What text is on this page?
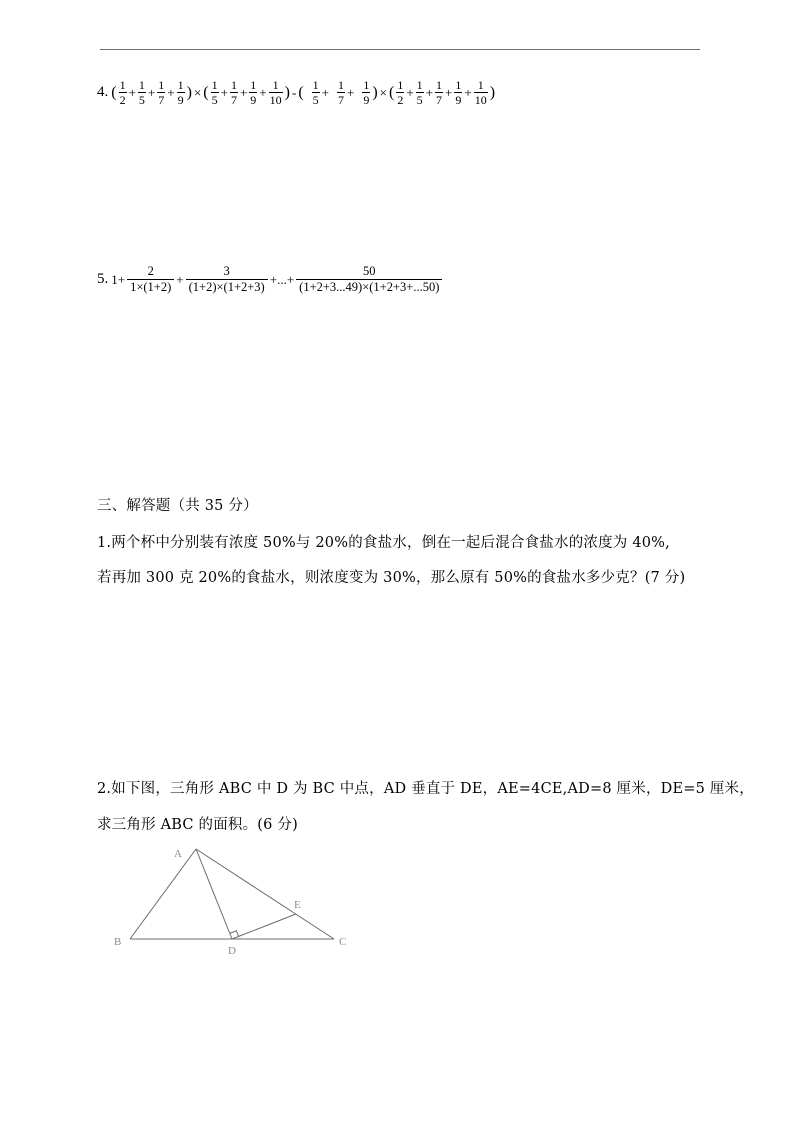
4. ( $\frac{1}{2} + \frac{1}{5} + \frac{1}{7} + \frac{1}{9}$ ) × ( $\frac{1}{5} + \frac{1}{7} + \frac{1}{9} + \frac{1}{10}$ ) - ( $\frac{1}{5} + \frac{1}{7} + \frac{1}{9}$ ) × ( $\frac{1}{2} + \frac{1}{5} + \frac{1}{7} + \frac{1}{9} + \frac{1}{10}$ )
5. $1+ \frac{2}{1\times(1+2)} + \frac{3}{(1+2)\times(1+2+3)}$ +...+ $\frac{50}{(1+2+3...49)\times(1+2+3+...50)}$
三、解答题（共 35 分）
1.两个杯中分别装有浓度 50%与 20%的食盐水，倒在一起后混合食盐水的浓度为 40%,
若再加 300 克 20%的食盐水，则浓度变为 30%，那么原有 50%的食盐水多少克？(7 分)
2.如下图，三角形 ABC 中 D 为 BC 中点，AD 垂直于 DE，AE=4CE,AD=8 厘米，DE=5 厘米，
求三角形 ABC 的面积。(6 分)
A
B	C
D
E
